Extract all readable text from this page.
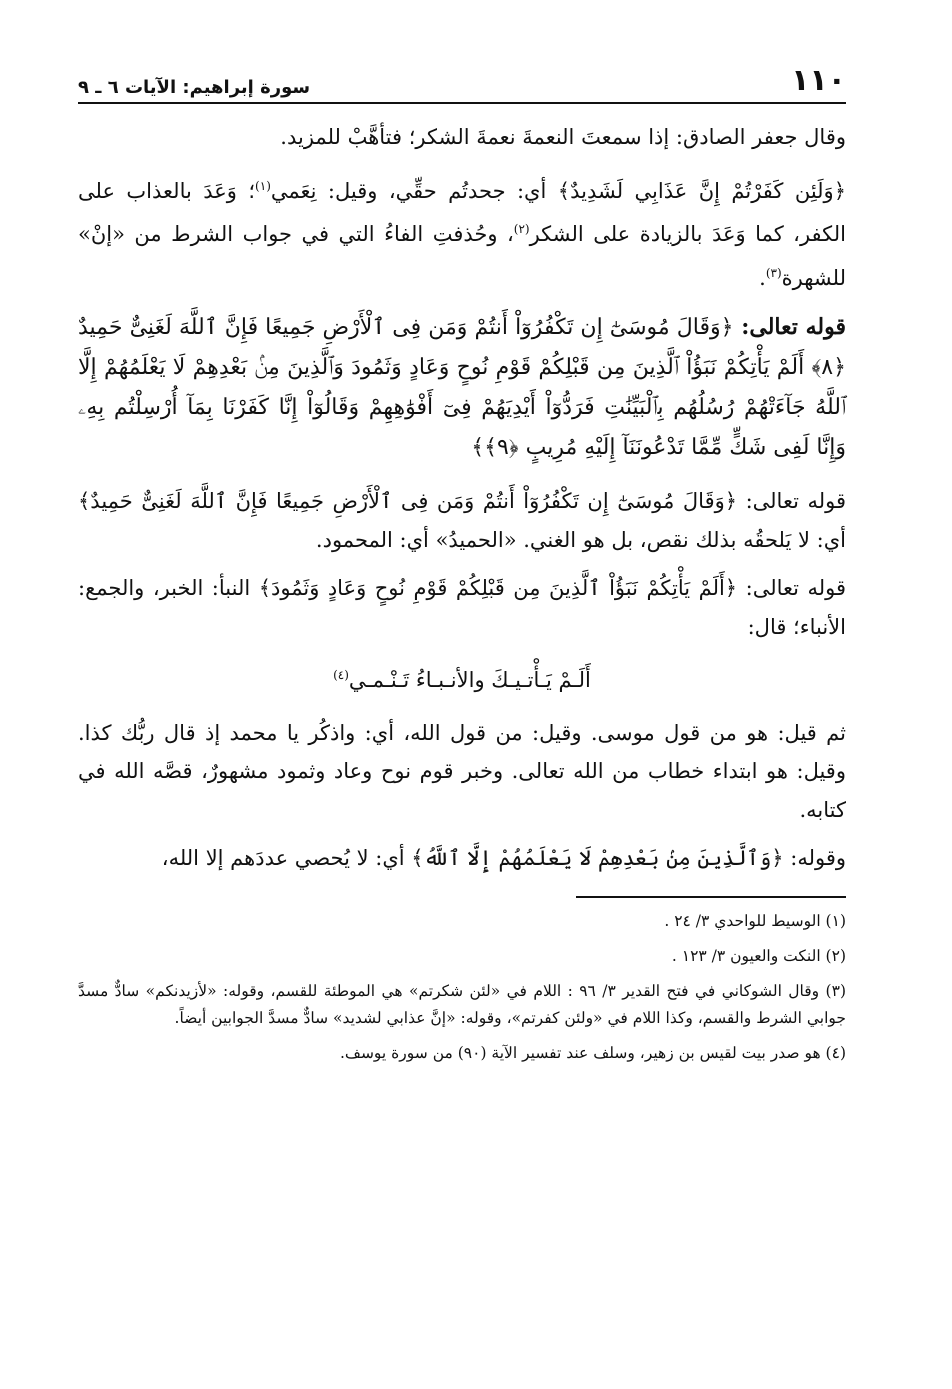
١١٠
سورة إبراهيم: الآيات ٦ ـ ٩

وقال جعفر الصادق: إذا سمعتَ النعمةَ نعمةَ الشكر؛ فتأهَّبْ للمزيد.

﴿وَلَئِن كَفَرْتُمْ إِنَّ عَذَابِي لَشَدِيدٌ﴾ أي: جحدتُم حقِّي، وقيل: نِعَمي$^{(١)}$؛ وَعَدَ بالعذاب على الكفر، كما وَعَدَ بالزيادة على الشكر$^{(٢)}$، وحُذفتِ الفاءُ التي في جواب الشرط من «إنْ» للشهرة$^{(٣)}$.

قوله تعالى: ﴿وَقَالَ مُوسَىٰٓ إِن تَكْفُرُوٓاْ أَنتُمْ وَمَن فِى ٱلْأَرْضِ جَمِيعًا فَإِنَّ ٱللَّهَ لَغَنِىٌّ حَمِيدٌ ﴿٨﴾ أَلَمْ يَأْتِكُمْ نَبَؤُاْ ٱلَّذِينَ مِن قَبْلِكُمْ قَوْمِ نُوحٍ وَعَادٍ وَثَمُودَ وَٱلَّذِينَ مِنۢ بَعْدِهِمْ لَا يَعْلَمُهُمْ إِلَّا ٱللَّهُ جَآءَتْهُمْ رُسُلُهُم بِٱلْبَيِّنَٰتِ فَرَدُّوٓاْ أَيْدِيَهُمْ فِىٓ أَفْوَٰهِهِمْ وَقَالُوٓاْ إِنَّا كَفَرْنَا بِمَآ أُرْسِلْتُم بِهِۦ وَإِنَّا لَفِى شَكٍّ مِّمَّا تَدْعُونَنَآ إِلَيْهِ مُرِيبٍ ﴿٩﴾﴾

قوله تعالى: ﴿وَقَالَ مُوسَىٰٓ إِن تَكْفُرُوٓاْ أَنتُمْ وَمَن فِى ٱلْأَرْضِ جَمِيعًا فَإِنَّ ٱللَّهَ لَغَنِىٌّ حَمِيدٌ﴾ أي: لا يَلحقُه بذلك نقص، بل هو الغني. «الحميدُ» أي: المحمود.

قوله تعالى: ﴿أَلَمْ يَأْتِكُمْ نَبَؤُاْ ٱلَّذِينَ مِن قَبْلِكُمْ قَوْمِ نُوحٍ وَعَادٍ وَثَمُودَ﴾ النبأ: الخبر، والجمع: الأنباء؛ قال:

أَلَـمْ يَـأْتـيـكَ والأنـبـاءُ تَـنْـمـي$^{(٤)}$

ثم قيل: هو من قول موسى. وقيل: من قول الله، أي: واذكُر يا محمد إذ قال ربُّك كذا. وقيل: هو ابتداء خطاب من الله تعالى. وخبر قوم نوح وعاد وثمود مشهورٌ، قصَّه الله في كتابه.

وقوله: ﴿وَٱلَّذِينَ مِنۢ بَعْدِهِمْ لَا يَعْلَمُهُمْ إِلَّا ٱللَّهُ﴾ أي: لا يُحصي عددَهم إلا الله،

(١) الوسيط للواحدي ٣/ ٢٤ .

(٢) النكت والعيون ٣/ ١٢٣ .

(٣) وقال الشوكاني في فتح القدير ٣/ ٩٦ : اللام في «لئن شكرتم» هي الموطئة للقسم، وقوله: «لأزيدنكم» سادٌّ مسدَّ جوابي الشرط والقسم، وكذا اللام في «ولئن كفرتم»، وقوله: «إنَّ عذابي لشديد» سادٌّ مسدَّ الجوابين أيضاً.

(٤) هو صدر بيت لقيس بن زهير، وسلف عند تفسير الآية (٩٠) من سورة يوسف.
